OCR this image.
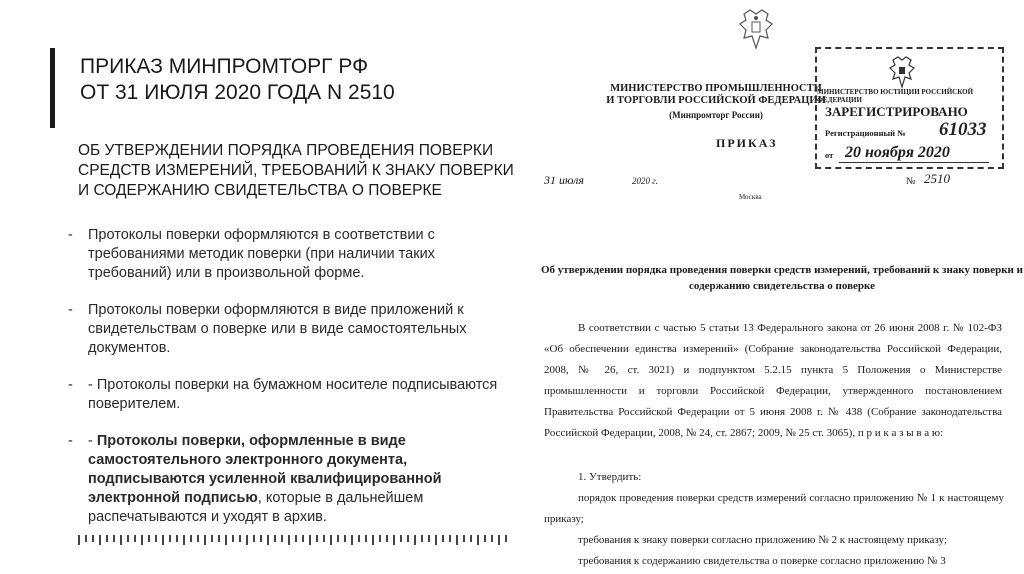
ПРИКАЗ МИНПРОМТОРГ РФ
ОТ 31 ИЮЛЯ 2020 ГОДА N 2510
ОБ УТВЕРЖДЕНИИ ПОРЯДКА ПРОВЕДЕНИЯ ПОВЕРКИ СРЕДСТВ ИЗМЕРЕНИЙ, ТРЕБОВАНИЙ К ЗНАКУ ПОВЕРКИ И СОДЕРЖАНИЮ СВИДЕТЕЛЬСТВА О ПОВЕРКЕ
- Протоколы поверки оформляются в соответствии с требованиями методик поверки (при наличии таких требований) или в произвольной форме.
- Протоколы поверки оформляются в виде приложений к свидетельствам о поверке или в виде самостоятельных документов.
- - Протоколы поверки на бумажном носителе подписываются поверителем.
- - Протоколы поверки, оформленные в виде самостоятельного электронного документа, подписываются усиленной квалифицированной электронной подписью, которые в дальнейшем распечатываются и уходят в архив.
МИНИСТЕРСТВО ПРОМЫШЛЕННОСТИ И ТОРГОВЛИ РОССИЙСКОЙ ФЕДЕРАЦИИ
(Минпромторг России)
МИНИСТЕРСТВО ЮСТИЦИИ РОССИЙСКОЙ ФЕДЕРАЦИИ
ЗАРЕГИСТРИРОВАНО
Регистрационный № 61033
от 20 ноября 2020
ПРИКАЗ
31 июля	2020 г.
Москва
№ 2510
Об утверждении порядка проведения поверки средств измерений, требований к знаку поверки и содержанию свидетельства о поверке
В соответствии с частью 5 статьи 13 Федерального закона от 26 июня 2008 г. № 102-ФЗ «Об обеспечении единства измерений» (Собрание законодательства Российской Федерации, 2008, № 26, ст. 3021) и подпунктом 5.2.15 пункта 5 Положения о Министерстве промышленности и торговли Российской Федерации, утвержденного постановлением Правительства Российской Федерации от 5 июня 2008 г. № 438 (Собрание законодательства Российской Федерации, 2008, № 24, ст. 2867; 2009, № 25 ст. 3065), п р и к а з ы в а ю:
1. Утвердить:
порядок проведения поверки средств измерений согласно приложению № 1 к настоящему приказу;
требования к знаку поверки согласно приложению № 2 к настоящему приказу;
требования к содержанию свидетельства о поверке согласно приложению № 3
